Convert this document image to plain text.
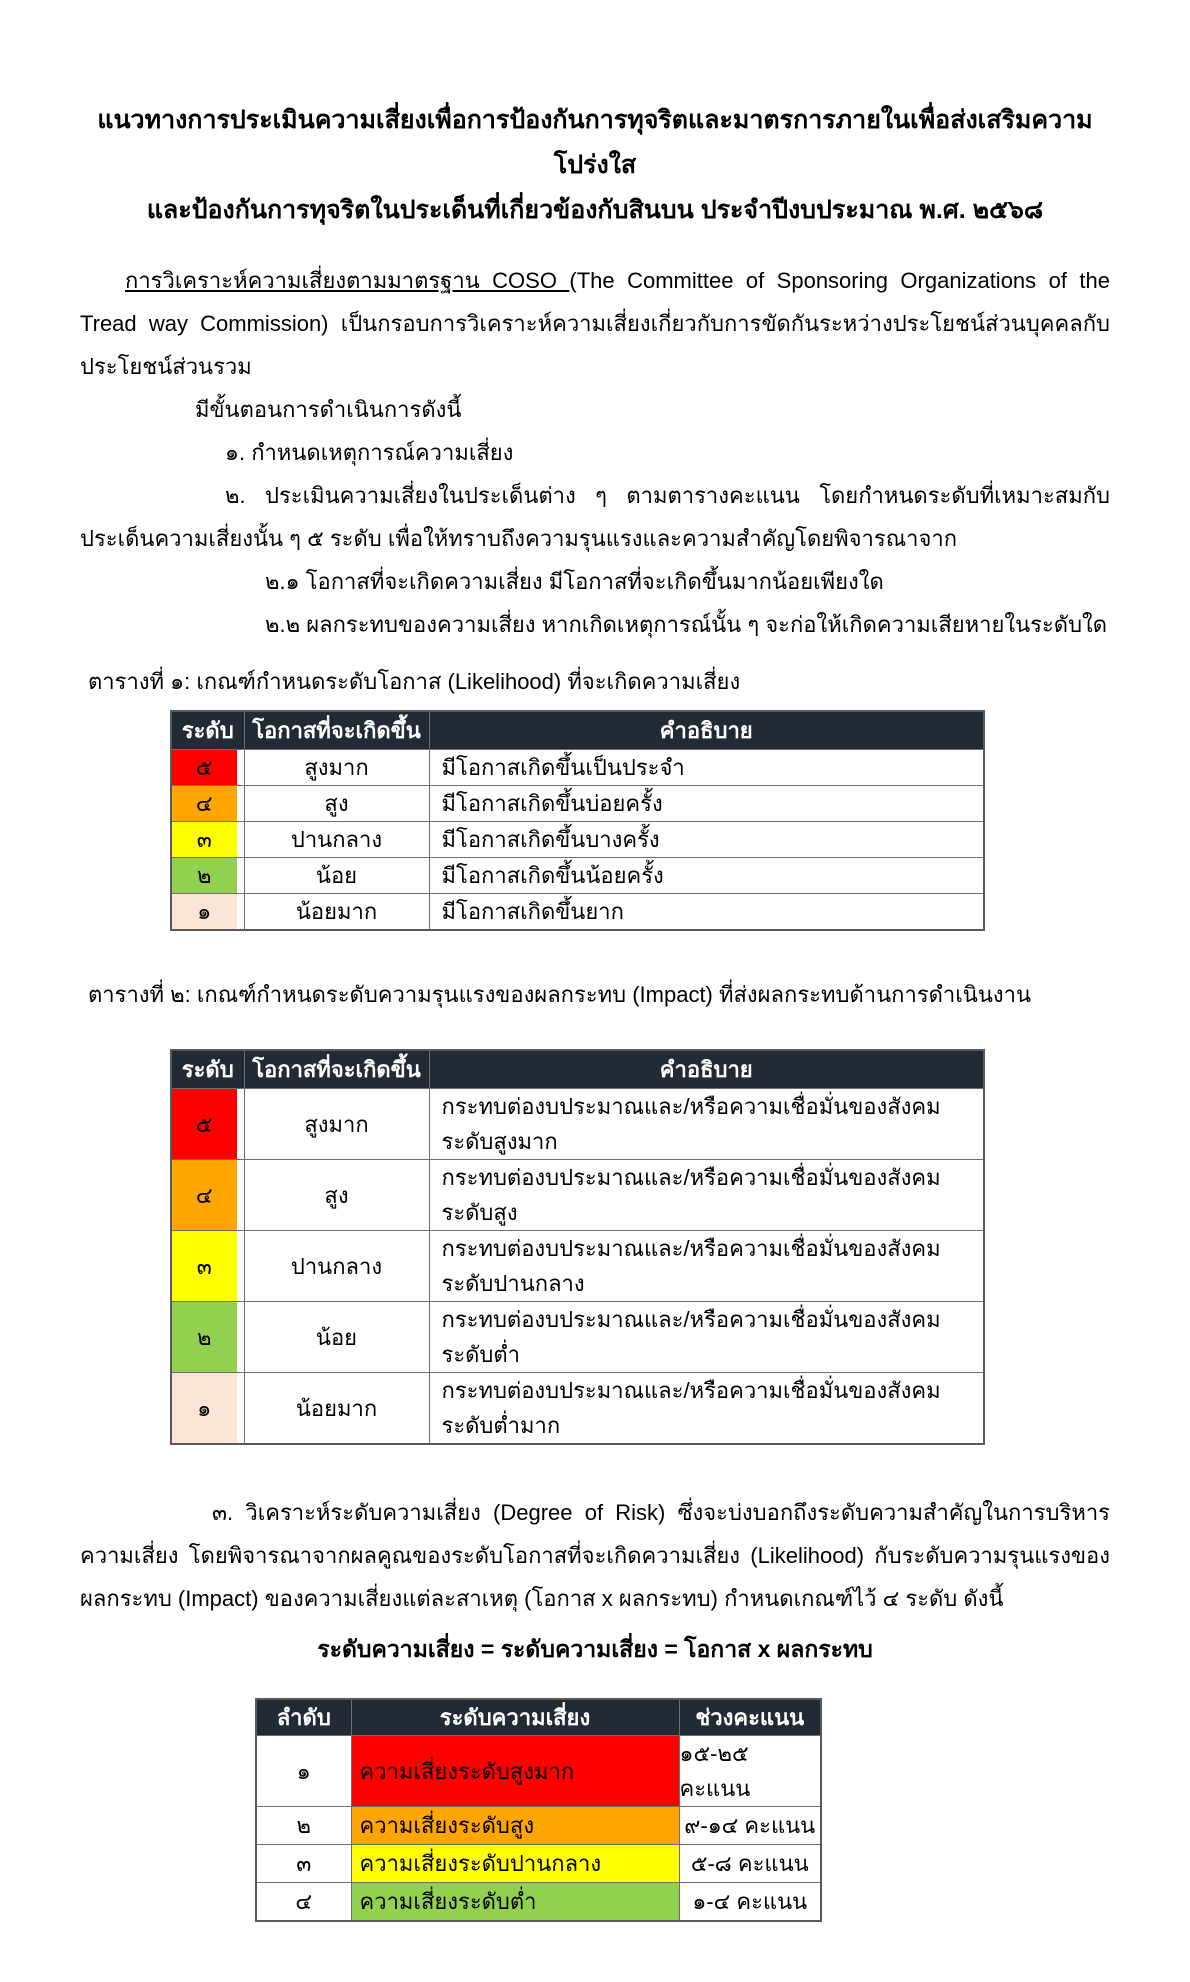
แนวทางการประเมินความเสี่ยงเพื่อการป้องกันการทุจริตและมาตรการภายในเพื่อส่งเสริมความโปร่งใส
และป้องกันการทุจริตในประเด็นที่เกี่ยวข้องกับสินบน ประจำปีงบประมาณ พ.ศ. ๒๕๖๘

การวิเคราะห์ความเสี่ยงตามมาตรฐาน COSO (The Committee of Sponsoring Organizations of the Tread way Commission) เป็นกรอบการวิเคราะห์ความเสี่ยงเกี่ยวกับการขัดกันระหว่างประโยชน์ส่วนบุคคลกับประโยชน์ส่วนรวม

มีขั้นตอนการดำเนินการดังนี้

๑. กำหนดเหตุการณ์ความเสี่ยง

๒. ประเมินความเสี่ยงในประเด็นต่าง ๆ ตามตารางคะแนน โดยกำหนดระดับที่เหมาะสมกับประเด็นความเสี่ยงนั้น ๆ ๕ ระดับ เพื่อให้ทราบถึงความรุนแรงและความสำคัญโดยพิจารณาจาก

๒.๑ โอกาสที่จะเกิดความเสี่ยง มีโอกาสที่จะเกิดขึ้นมากน้อยเพียงใด

๒.๒ ผลกระทบของความเสี่ยง หากเกิดเหตุการณ์นั้น ๆ จะก่อให้เกิดความเสียหายในระดับใด

ตารางที่ ๑: เกณฑ์กำหนดระดับโอกาส (Likelihood) ที่จะเกิดความเสี่ยง

ระดับ	โอกาสที่จะเกิดขึ้น	คำอธิบาย

๕	สูงมาก	มีโอกาสเกิดขึ้นเป็นประจำ

๔	สูง	มีโอกาสเกิดขึ้นบ่อยครั้ง

๓	ปานกลาง	มีโอกาสเกิดขึ้นบางครั้ง

๒	น้อย	มีโอกาสเกิดขึ้นน้อยครั้ง

๑	น้อยมาก	มีโอกาสเกิดขึ้นยาก

ตารางที่ ๒: เกณฑ์กำหนดระดับความรุนแรงของผลกระทบ (Impact) ที่ส่งผลกระทบด้านการดำเนินงาน

ระดับ	โอกาสที่จะเกิดขึ้น	คำอธิบาย

๕	สูงมาก	กระทบต่องบประมาณและ/หรือความเชื่อมั่นของสังคมระดับสูงมาก

๔	สูง	กระทบต่องบประมาณและ/หรือความเชื่อมั่นของสังคมระดับสูง

๓	ปานกลาง	กระทบต่องบประมาณและ/หรือความเชื่อมั่นของสังคมระดับปานกลาง

๒	น้อย	กระทบต่องบประมาณและ/หรือความเชื่อมั่นของสังคมระดับต่ำ

๑	น้อยมาก	กระทบต่องบประมาณและ/หรือความเชื่อมั่นของสังคมระดับต่ำมาก

๓. วิเคราะห์ระดับความเสี่ยง (Degree of Risk) ซึ่งจะบ่งบอกถึงระดับความสำคัญในการบริหารความเสี่ยง โดยพิจารณาจากผลคูณของระดับโอกาสที่จะเกิดความเสี่ยง (Likelihood) กับระดับความรุนแรงของผลกระทบ (Impact) ของความเสี่ยงแต่ละสาเหตุ (โอกาส x ผลกระทบ) กำหนดเกณฑ์ไว้ ๔ ระดับ ดังนี้

ระดับความเสี่ยง = ระดับความเสี่ยง = โอกาส x ผลกระทบ

ลำดับ	ระดับความเสี่ยง	ช่วงคะแนน

๑	ความเสี่ยงระดับสูงมาก	๑๕-๒๕ คะแนน

๒	ความเสี่ยงระดับสูง	๙-๑๔ คะแนน

๓	ความเสี่ยงระดับปานกลาง	๕-๘ คะแนน

๔	ความเสี่ยงระดับต่ำ	๑-๔ คะแนน
